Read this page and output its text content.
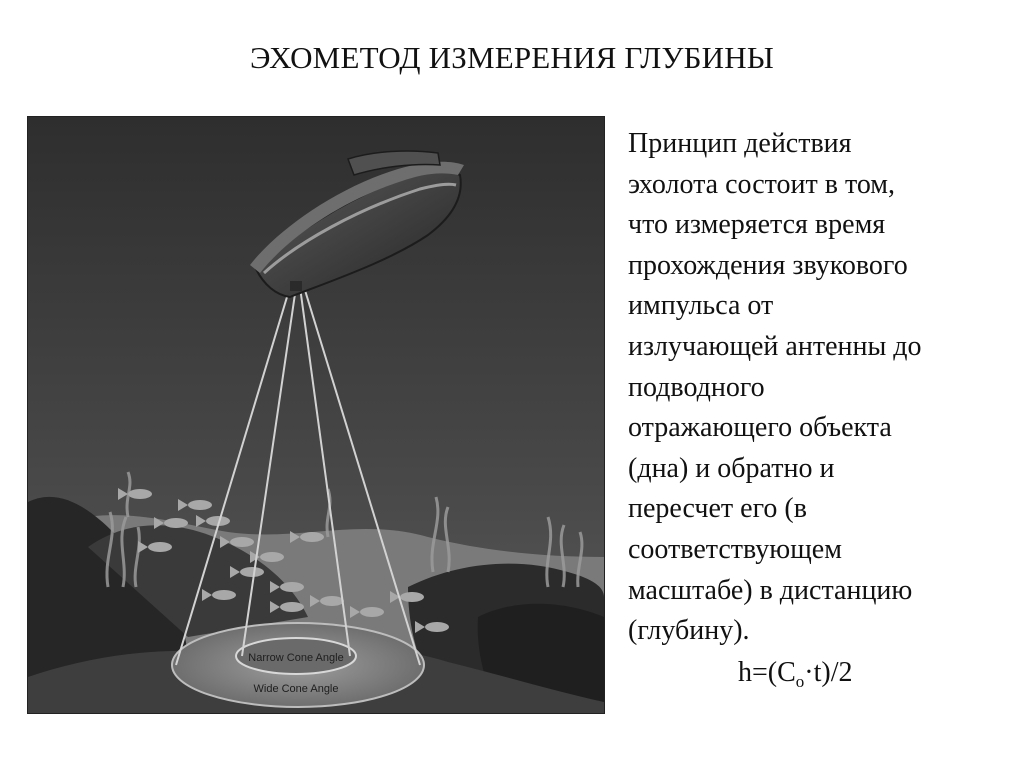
ЭХОМЕТОД ИЗМЕРЕНИЯ ГЛУБИНЫ
Narrow Cone Angle
Wide Cone Angle
Принцип действия
эхолота состоит в том,
что измеряется время
прохождения звукового
импульса от
излучающей антенны до
подводного
отражающего объекта
(дна) и обратно и
пересчет его (в
соответствующем
масштабе) в дистанцию
(глубину).
$h=(C_o\cdot t)/2$
